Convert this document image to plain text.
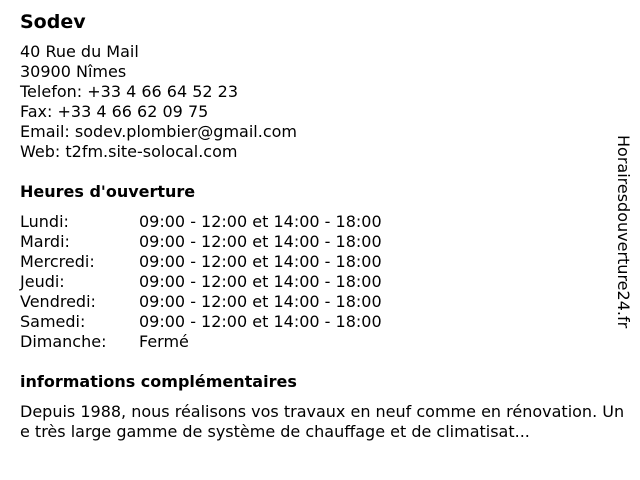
Sodev
40 Rue du Mail
30900 Nîmes
Telefon: +33 4 66 64 52 23
Fax: +33 4 66 62 09 75
Email: sodev.plombier@gmail.com
Web: t2fm.site-solocal.com
Heures d'ouverture
Lundi:	09:00 - 12:00 et 14:00 - 18:00
Mardi:	09:00 - 12:00 et 14:00 - 18:00
Mercredi:	09:00 - 12:00 et 14:00 - 18:00
Jeudi:	09:00 - 12:00 et 14:00 - 18:00
Vendredi:	09:00 - 12:00 et 14:00 - 18:00
Samedi:	09:00 - 12:00 et 14:00 - 18:00
Dimanche:	Fermé
informations complémentaires
Depuis 1988, nous réalisons vos travaux en neuf comme en rénovation. Une très large gamme de système de chauffage et de climatisat...
Horairesdouverture24.fr
